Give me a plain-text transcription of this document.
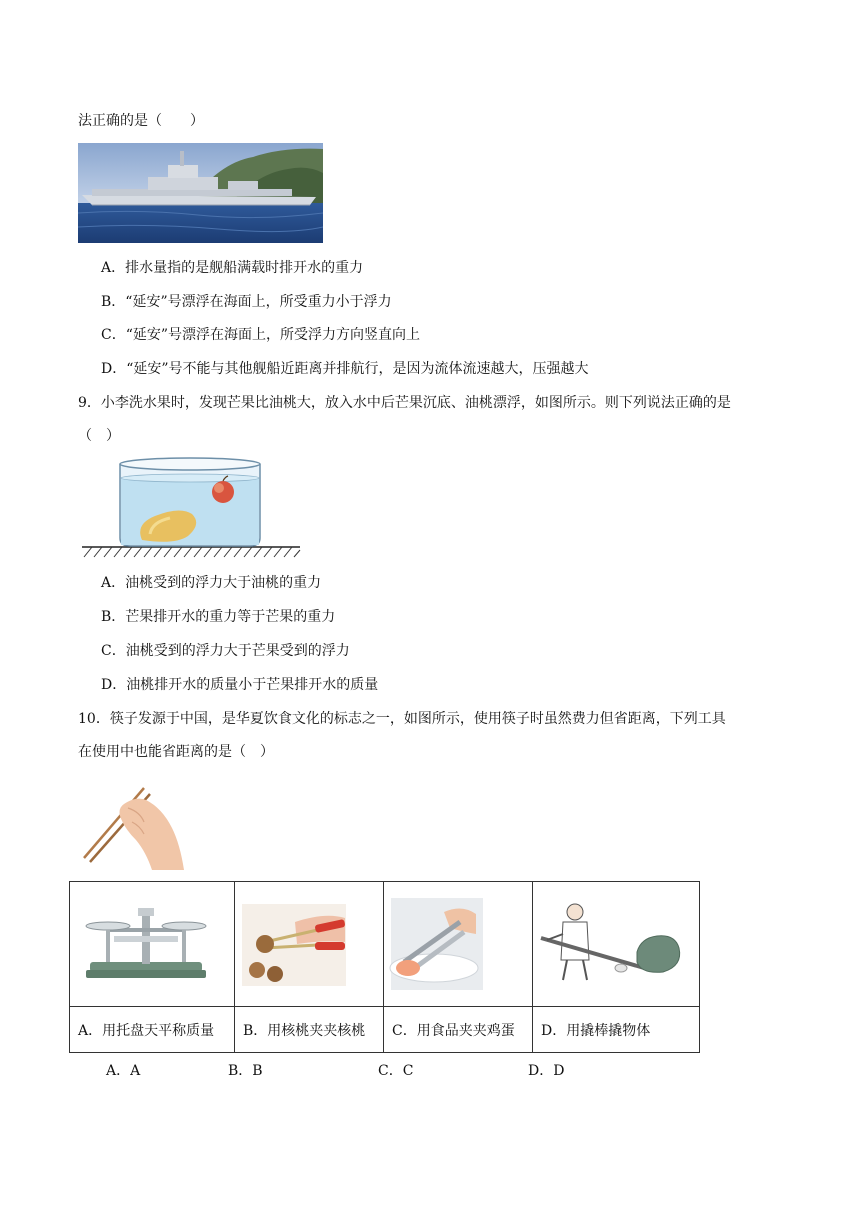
法正确的是（　　）
A．排水量指的是舰船满载时排开水的重力
B．“延安”号漂浮在海面上，所受重力小于浮力
C．“延安”号漂浮在海面上，所受浮力方向竖直向上
D．“延安”号不能与其他舰船近距离并排航行，是因为流体流速越大，压强越大
9．小李洗水果时，发现芒果比油桃大，放入水中后芒果沉底、油桃漂浮，如图所示。则下列说法正确的是
（　）
A．油桃受到的浮力大于油桃的重力
B．芒果排开水的重力等于芒果的重力
C．油桃受到的浮力大于芒果受到的浮力
D．油桃排开水的质量小于芒果排开水的质量
10．筷子发源于中国，是华夏饮食文化的标志之一，如图所示，使用筷子时虽然费力但省距离，下列工具
在使用中也能省距离的是（　）

A．用托盘天平称质量	B．用核桃夹夹核桃	C．用食品夹夹鸡蛋	D．用撬棒撬物体
A．A	B．B	C．C	D．D
